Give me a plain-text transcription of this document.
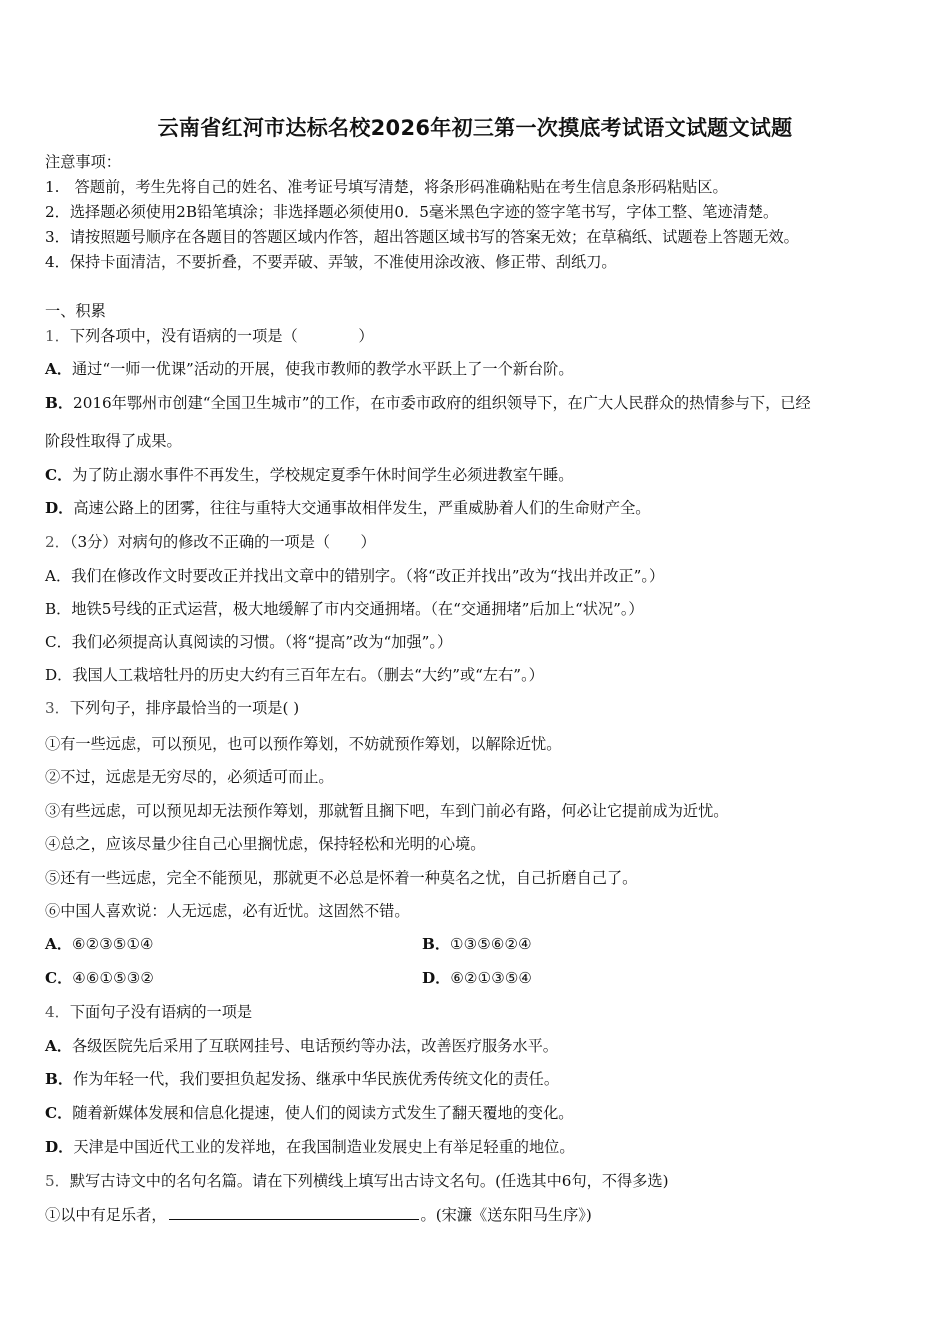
云南省红河市达标名校2026年初三第一次摸底考试语文试题文试题
注意事项：
1.　答题前，考生先将自己的姓名、准考证号填写清楚，将条形码准确粘贴在考生信息条形码粘贴区。
2．选择题必须使用2B铅笔填涂；非选择题必须使用0．5毫米黑色字迹的签字笔书写，字体工整、笔迹清楚。
3．请按照题号顺序在各题目的答题区域内作答，超出答题区域书写的答案无效；在草稿纸、试题卷上答题无效。
4．保持卡面清洁，不要折叠，不要弄破、弄皱，不准使用涂改液、修正带、刮纸刀。
一、积累
1．下列各项中，没有语病的一项是（　　　　）
A．通过“一师一优课”活动的开展，使我市教师的教学水平跃上了一个新台阶。
B．2016年鄂州市创建“全国卫生城市”的工作，在市委市政府的组织领导下，在广大人民群众的热情参与下，已经
阶段性取得了成果。
C．为了防止溺水事件不再发生，学校规定夏季午休时间学生必须进教室午睡。
D．高速公路上的团雾，往往与重特大交通事故相伴发生，严重威胁着人们的生命财产全。
2．（3分）对病句的修改不正确的一项是（　　）
A．我们在修改作文时要改正并找出文章中的错别字。（将“改正并找出”改为“找出并改正”。）
B．地铁5号线的正式运营，极大地缓解了市内交通拥堵。（在“交通拥堵”后加上“状况”。）
C．我们必须提高认真阅读的习惯。（将“提高”改为“加强”。）
D．我国人工栽培牡丹的历史大约有三百年左右。（删去“大约”或“左右”。）
3．下列句子，排序最恰当的一项是( )
①有一些远虑，可以预见，也可以预作筹划，不妨就预作筹划，以解除近忧。
②不过，远虑是无穷尽的，必须适可而止。
③有些远虑，可以预见却无法预作筹划，那就暂且搁下吧，车到门前必有路，何必让它提前成为近忧。
④总之，应该尽量少往自己心里搁忧虑，保持轻松和光明的心境。
⑤还有一些远虑，完全不能预见，那就更不必总是怀着一种莫名之忧，自己折磨自己了。
⑥中国人喜欢说：人无远虑，必有近忧。这固然不错。
A．⑥②③⑤①④	B．①③⑤⑥②④
C．④⑥①⑤③②	D．⑥②①③⑤④
4．下面句子没有语病的一项是
A．各级医院先后采用了互联网挂号、电话预约等办法，改善医疗服务水平。
B．作为年轻一代，我们要担负起发扬、继承中华民族优秀传统文化的责任。
C．随着新媒体发展和信息化提速，使人们的阅读方式发生了翻天覆地的变化。
D．天津是中国近代工业的发祥地，在我国制造业发展史上有举足轻重的地位。
5．默写古诗文中的名句名篇。请在下列横线上填写出古诗文名句。(任选其中6句，不得多选)
①以中有足乐者，	。(宋濂《送东阳马生序》)
